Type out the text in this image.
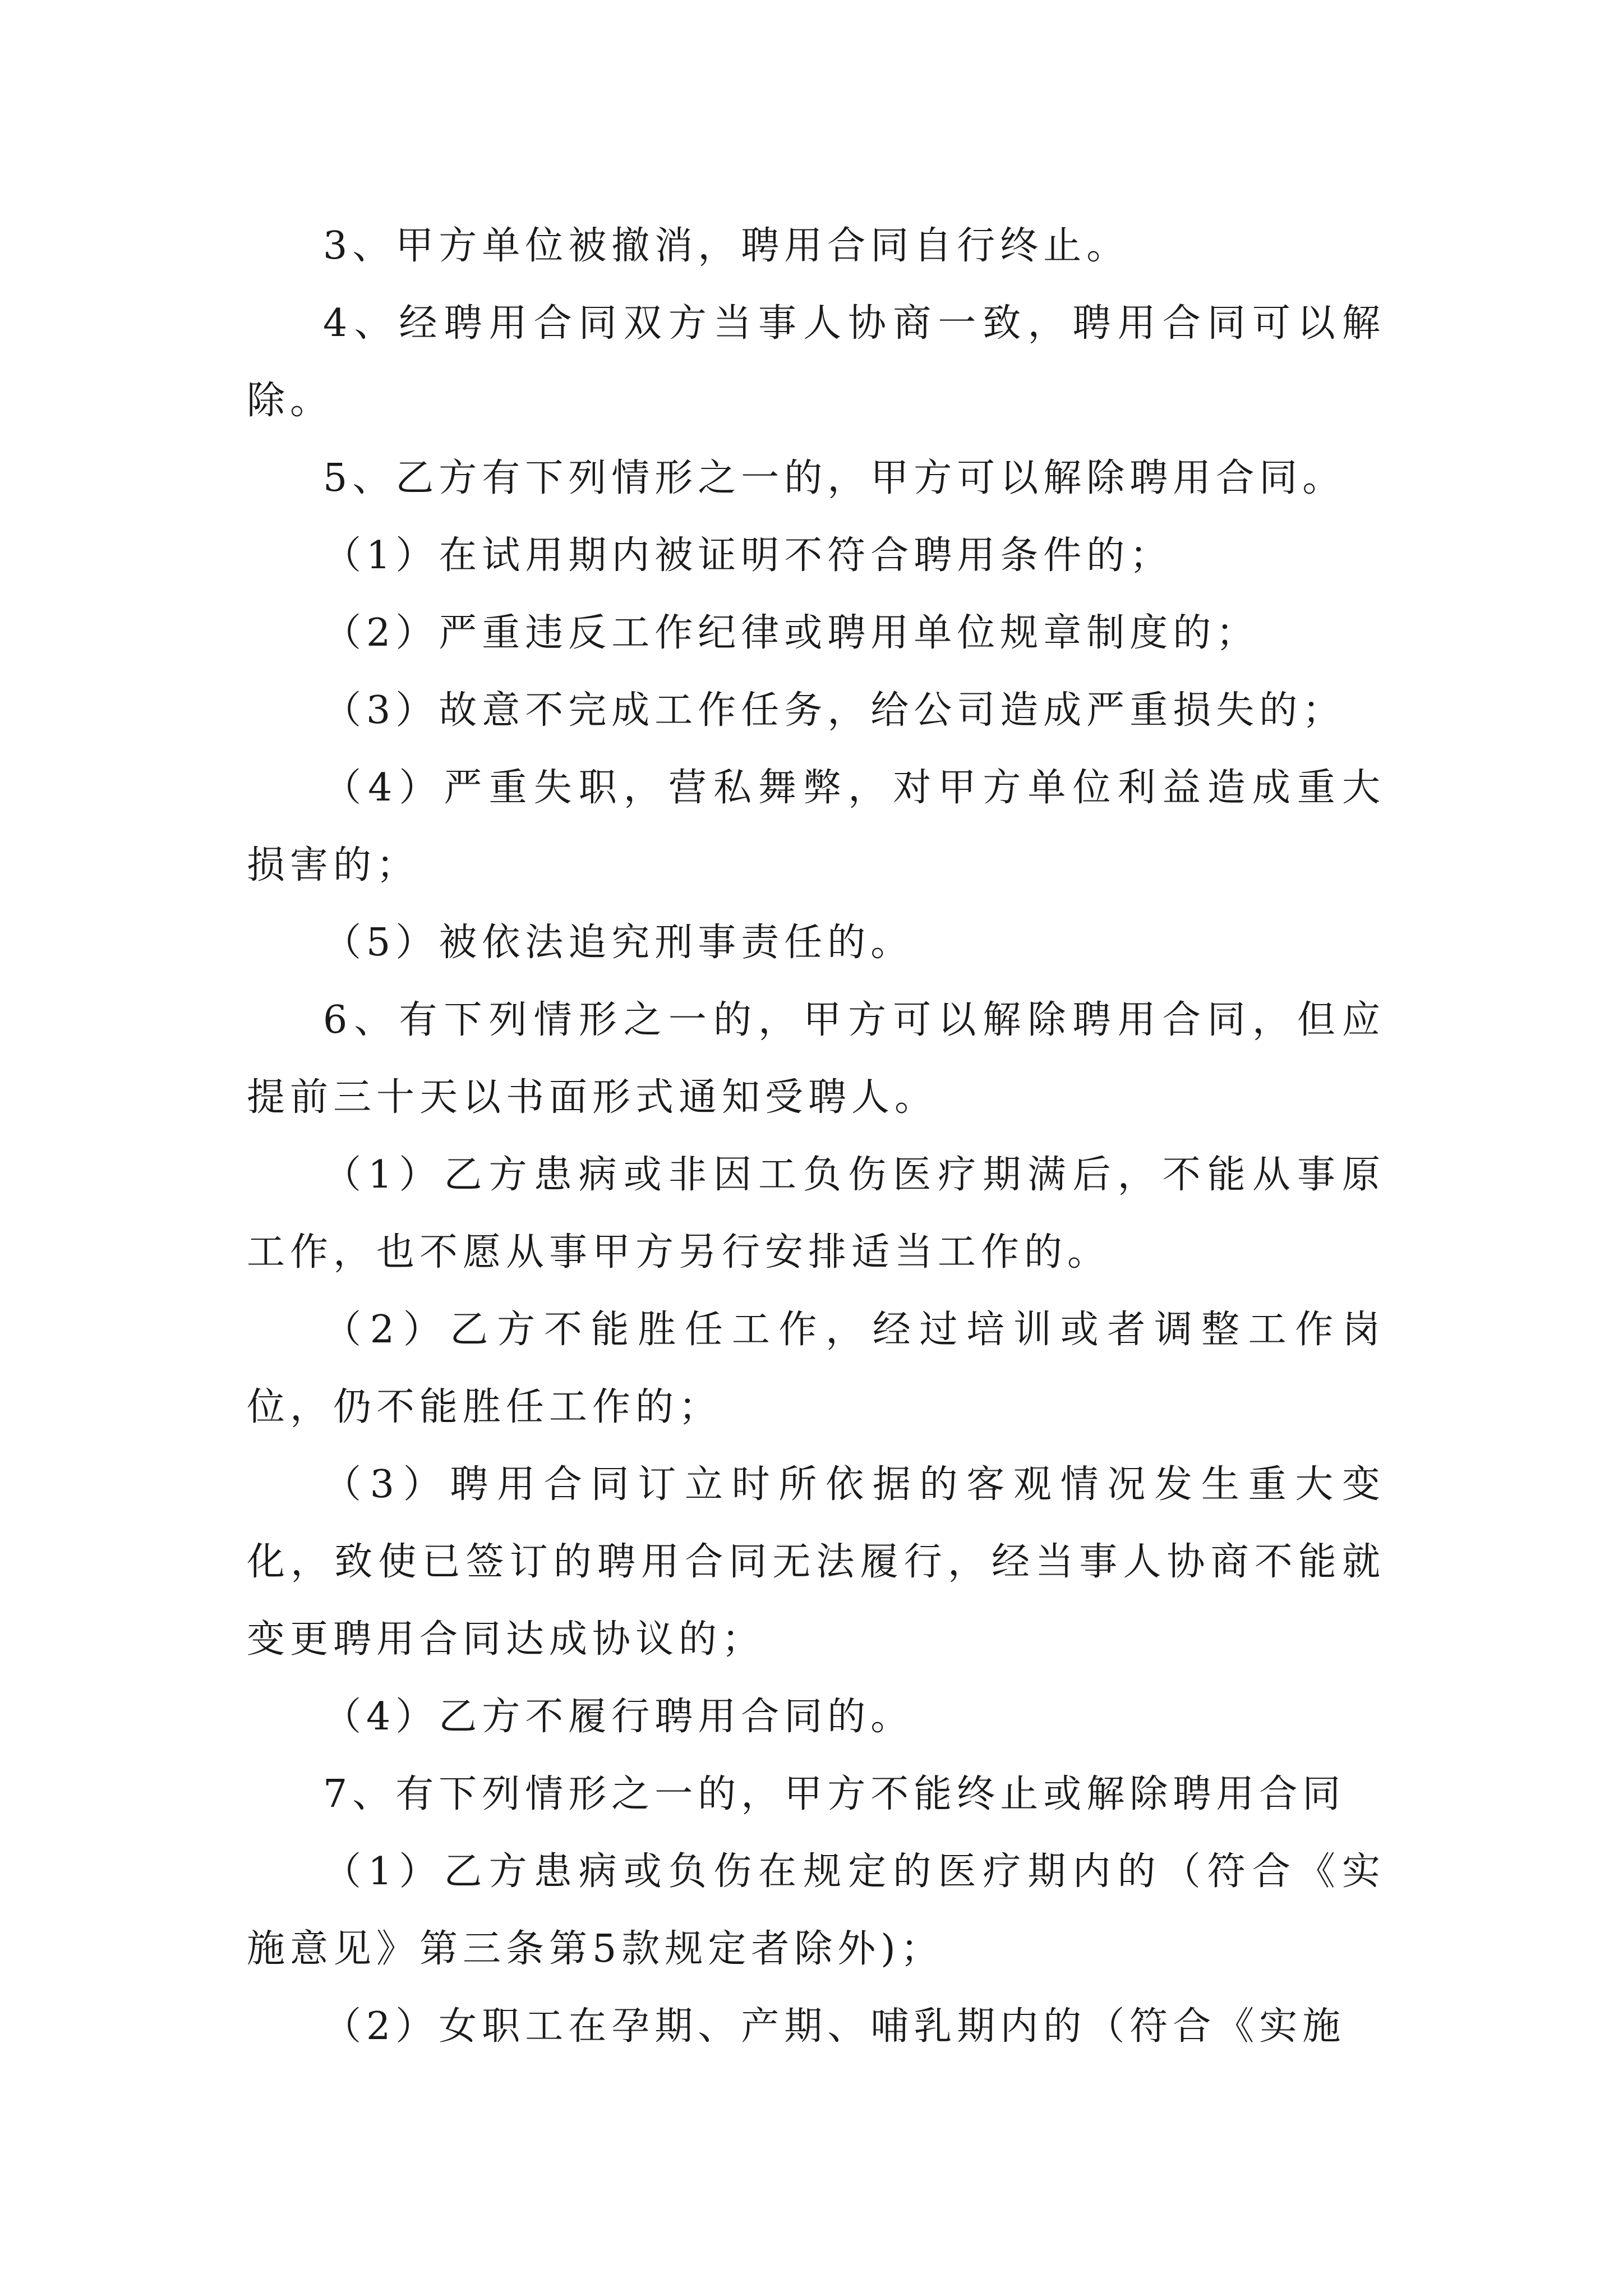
3、甲方单位被撤消，聘用合同自行终止。

4、经聘用合同双方当事人协商一致，聘用合同可以解除。

5、乙方有下列情形之一的，甲方可以解除聘用合同。

（1）在试用期内被证明不符合聘用条件的；

（2）严重违反工作纪律或聘用单位规章制度的；

（3）故意不完成工作任务，给公司造成严重损失的；

（4）严重失职，营私舞弊，对甲方单位利益造成重大损害的；

（5）被依法追究刑事责任的。

6、有下列情形之一的，甲方可以解除聘用合同，但应提前三十天以书面形式通知受聘人。

（1）乙方患病或非因工负伤医疗期满后，不能从事原工作，也不愿从事甲方另行安排适当工作的。

（2）乙方不能胜任工作，经过培训或者调整工作岗位，仍不能胜任工作的；

（3）聘用合同订立时所依据的客观情况发生重大变化，致使已签订的聘用合同无法履行，经当事人协商不能就变更聘用合同达成协议的；

（4）乙方不履行聘用合同的。

7、有下列情形之一的，甲方不能终止或解除聘用合同

（1）乙方患病或负伤在规定的医疗期内的（符合《实施意见》第三条第5款规定者除外)；

（2）女职工在孕期、产期、哺乳期内的（符合《实施
